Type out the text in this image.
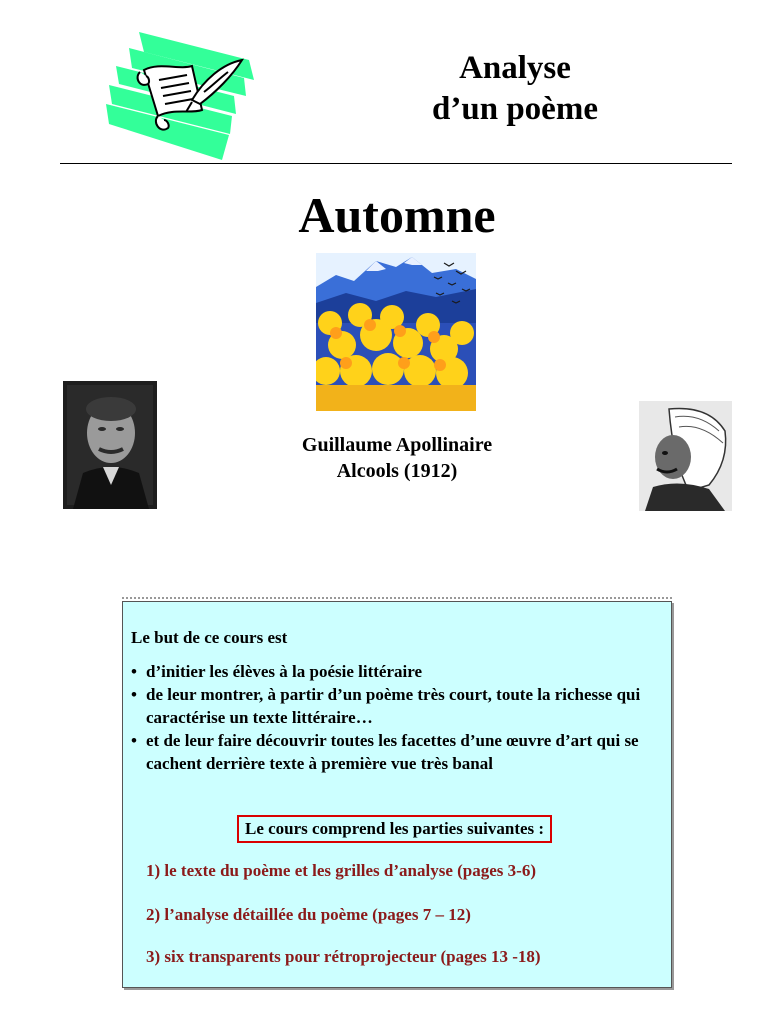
Analyse
d’un poème
Automne
Guillaume Apollinaire
Alcools (1912)
Le but de ce cours est
• d’initier les élèves à la poésie littéraire
• de leur montrer, à partir d’un poème très court, toute la richesse qui caractérise un texte littéraire…
• et de leur faire découvrir toutes les facettes d’une œuvre d’art qui se cachent derrière texte à première vue très banal
Le cours comprend les parties suivantes :
1) le texte du poème et les grilles d’analyse (pages 3-6)
2) l’analyse détaillée du poème (pages 7 – 12)
3) six transparents pour rétroprojecteur (pages 13 -18)
